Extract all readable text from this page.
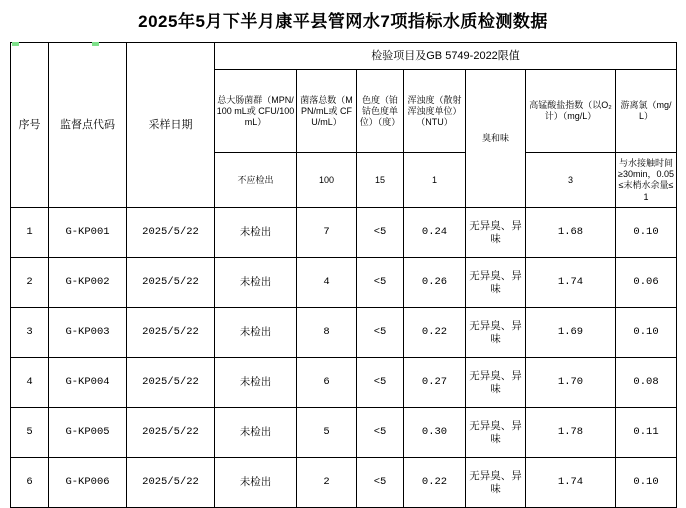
2025年5月下半月康平县管网水7项指标水质检测数据
序号	监督点代码	采样日期	检验项目及GB 5749-2022限值						
			总大肠菌群（MPN/100 mL或 CFU/100 mL）	菌落总数（MPN/mL或 CFU/mL）	色度（铂钴色度单位）（度）	浑浊度（散射浑浊度单位）（NTU）	臭和味	高锰酸盐指数（以O₂计）（mg/L）	游离氯（mg/L）
			不应检出	100	15	1		3	与水接触时间≥30min，0.05≤末梢水余量≤1
1	G-KP001	2025/5/22	未检出	7	<5	0.24	无异臭、异味	1.68	0.10
2	G-KP002	2025/5/22	未检出	4	<5	0.26	无异臭、异味	1.74	0.06
3	G-KP003	2025/5/22	未检出	8	<5	0.22	无异臭、异味	1.69	0.10
4	G-KP004	2025/5/22	未检出	6	<5	0.27	无异臭、异味	1.70	0.08
5	G-KP005	2025/5/22	未检出	5	<5	0.30	无异臭、异味	1.78	0.11
6	G-KP006	2025/5/22	未检出	2	<5	0.22	无异臭、异味	1.74	0.10
